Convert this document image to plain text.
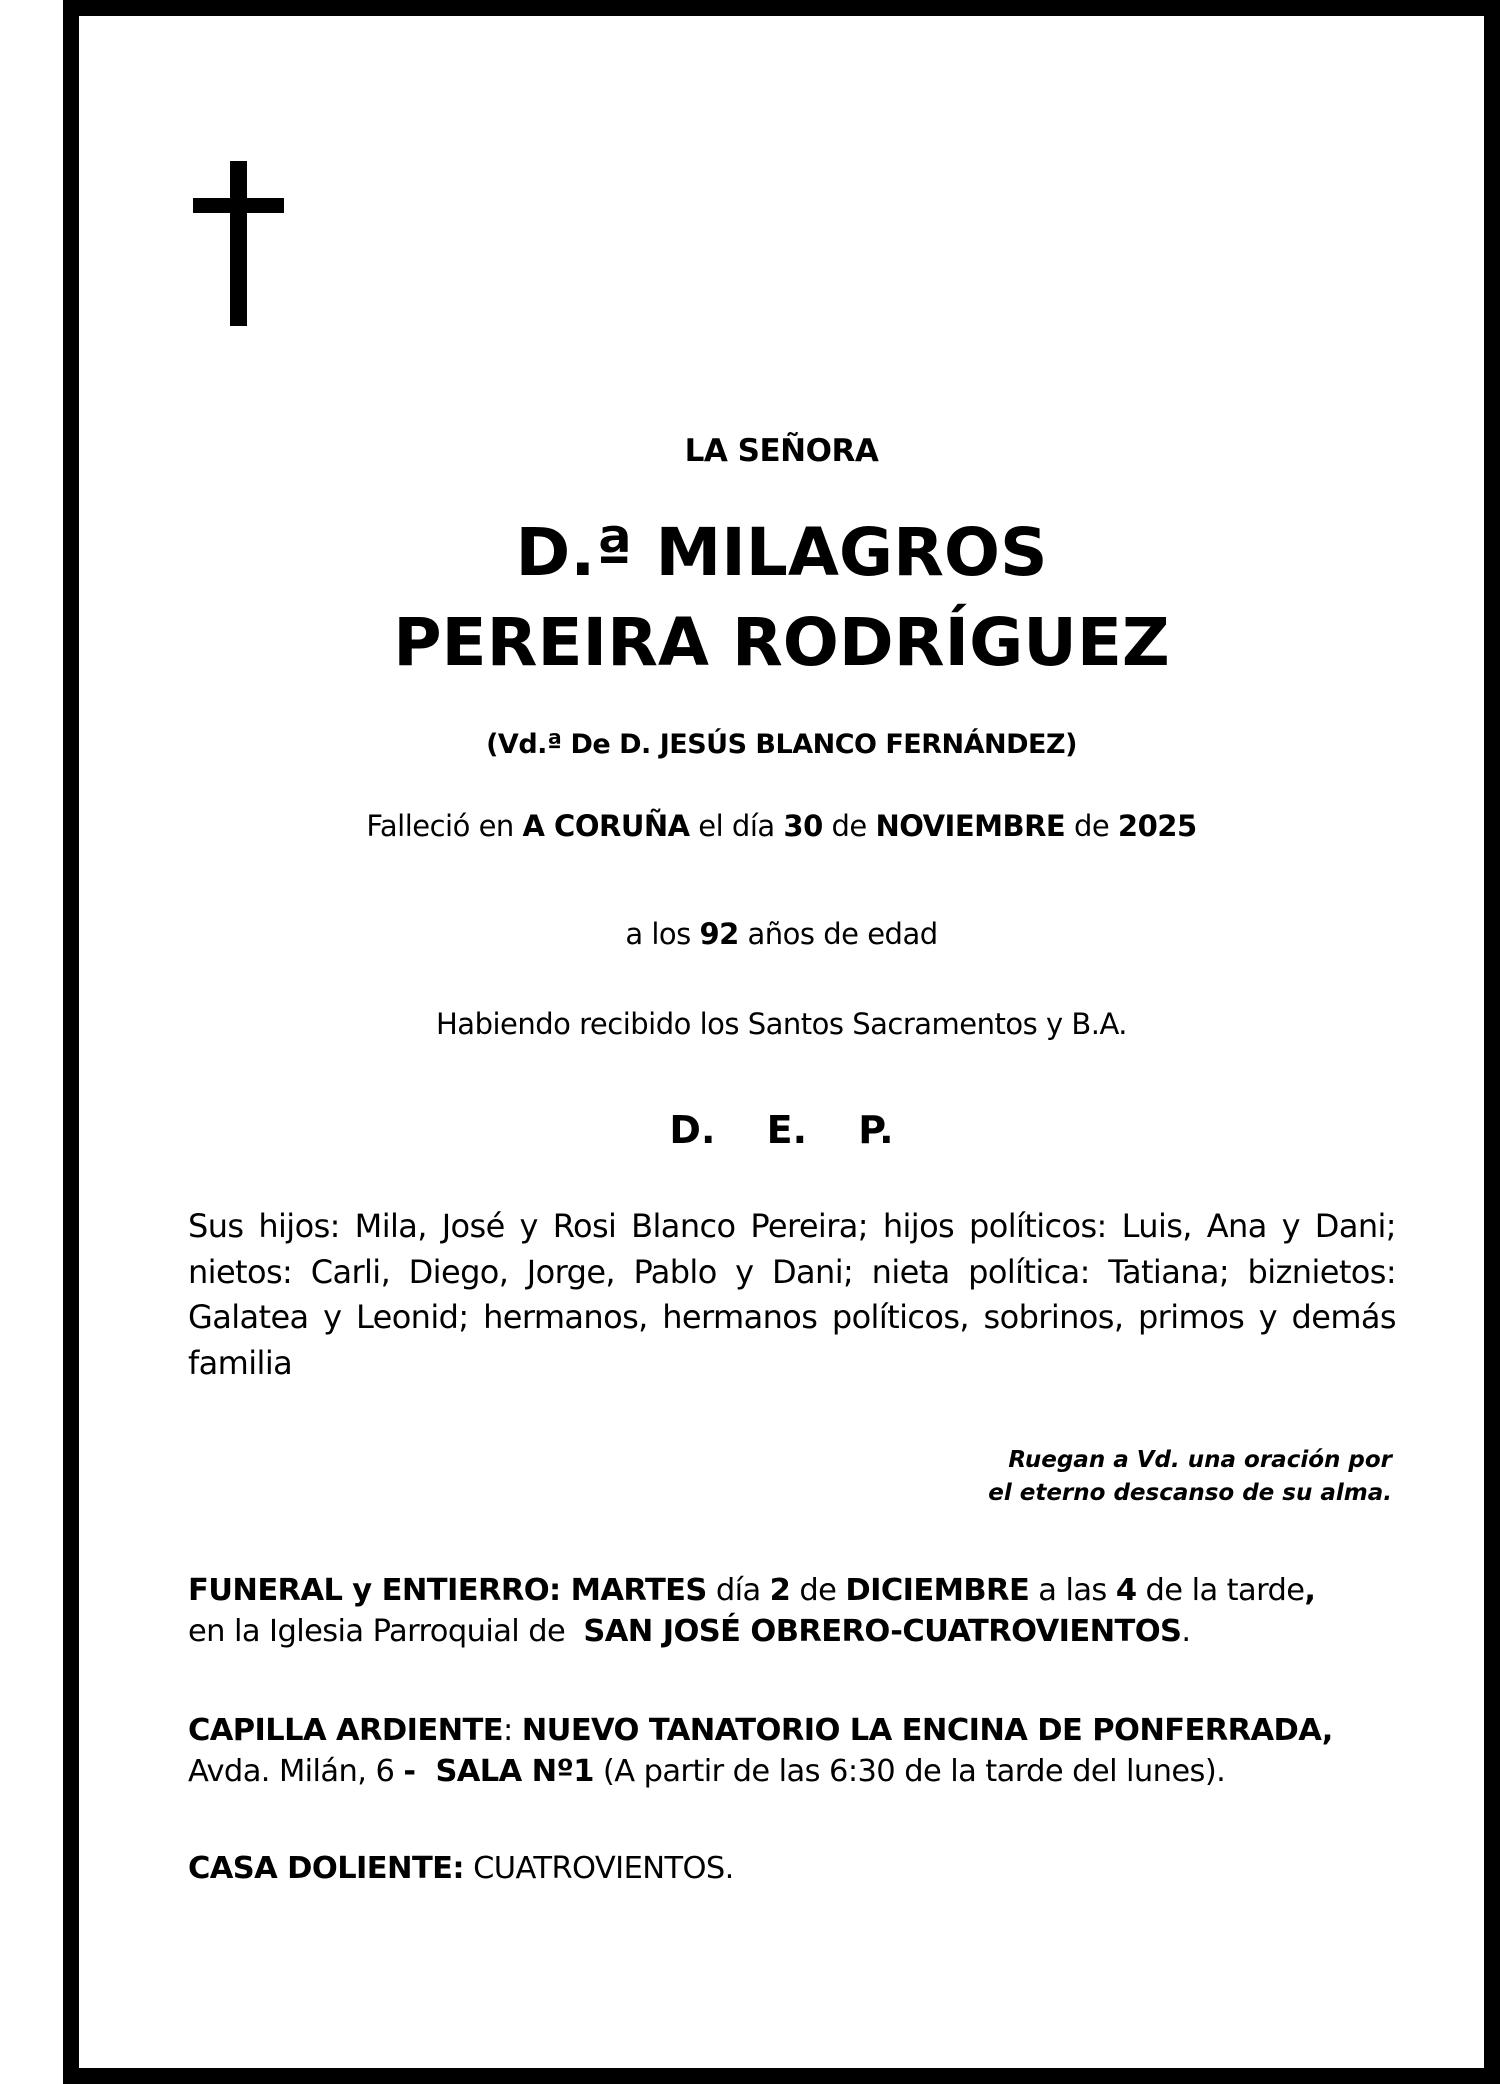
LA SEÑORA
D.ª MILAGROS
PEREIRA RODRÍGUEZ
(Vd.ª De D. JESÚS BLANCO FERNÁNDEZ)
Falleció en A CORUÑA el día 30 de NOVIEMBRE de 2025
a los 92 años de edad
Habiendo recibido los Santos Sacramentos y B.A.
D. E. P.
Sus hijos: Mila, José y Rosi Blanco Pereira; hijos políticos: Luis, Ana y Dani; nietos: Carli, Diego, Jorge, Pablo y Dani; nieta política: Tatiana; biznietos: Galatea y Leonid; hermanos, hermanos políticos, sobrinos, primos y demás familia
Ruegan a Vd. una oración por
el eterno descanso de su alma.
FUNERAL y ENTIERRO: MARTES día 2 de DICIEMBRE a las 4 de la tarde,
en la Iglesia Parroquial de  SAN JOSÉ OBRERO-CUATROVIENTOS.
CAPILLA ARDIENTE: NUEVO TANATORIO LA ENCINA DE PONFERRADA,
Avda. Milán, 6 -  SALA Nº1 (A partir de las 6:30 de la tarde del lunes).
CASA DOLIENTE: CUATROVIENTOS.
